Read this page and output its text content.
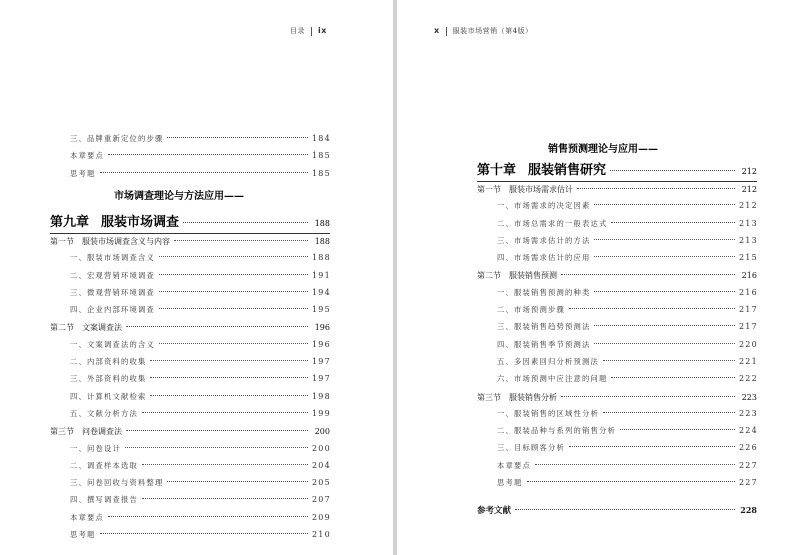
目录 ix
三、品牌重新定位的步骤	184
本章要点	185
思考题	185
市场调查理论与方法应用——
第九章 服装市场调查	188
第一节 服装市场调查含义与内容	188
一、服装市场调查含义	188
二、宏观营销环境调查	191
三、微观营销环境调查	194
四、企业内部环境调查	195
第二节 文案调查法	196
一、文案调查法的含义	196
二、内部资料的收集	197
三、外部资料的收集	197
四、计算机文献检索	198
五、文献分析方法	199
第三节 问卷调查法	200
一、问卷设计	200
二、调查样本选取	204
三、问卷回收与资料整理	205
四、撰写调查报告	207
本章要点	209
思考题	210
x 服装市场营销（第4版）
销售预测理论与应用——
第十章 服装销售研究	212
第一节 服装市场需求估计	212
一、市场需求的决定因素	212
二、市场总需求的一般表达式	213
三、市场需求估计的方法	213
四、市场需求估计的应用	215
第二节 服装销售预测	216
一、服装销售预测的种类	216
二、市场预测步骤	217
三、服装销售趋势预测法	217
四、服装销售季节预测法	220
五、多因素回归分析预测法	221
六、市场预测中应注意的问题	222
第三节 服装销售分析	223
一、服装销售的区域性分析	223
二、服装品种与系列的销售分析	224
三、目标顾客分析	226
本章要点	227
思考题	227
参考文献	228
